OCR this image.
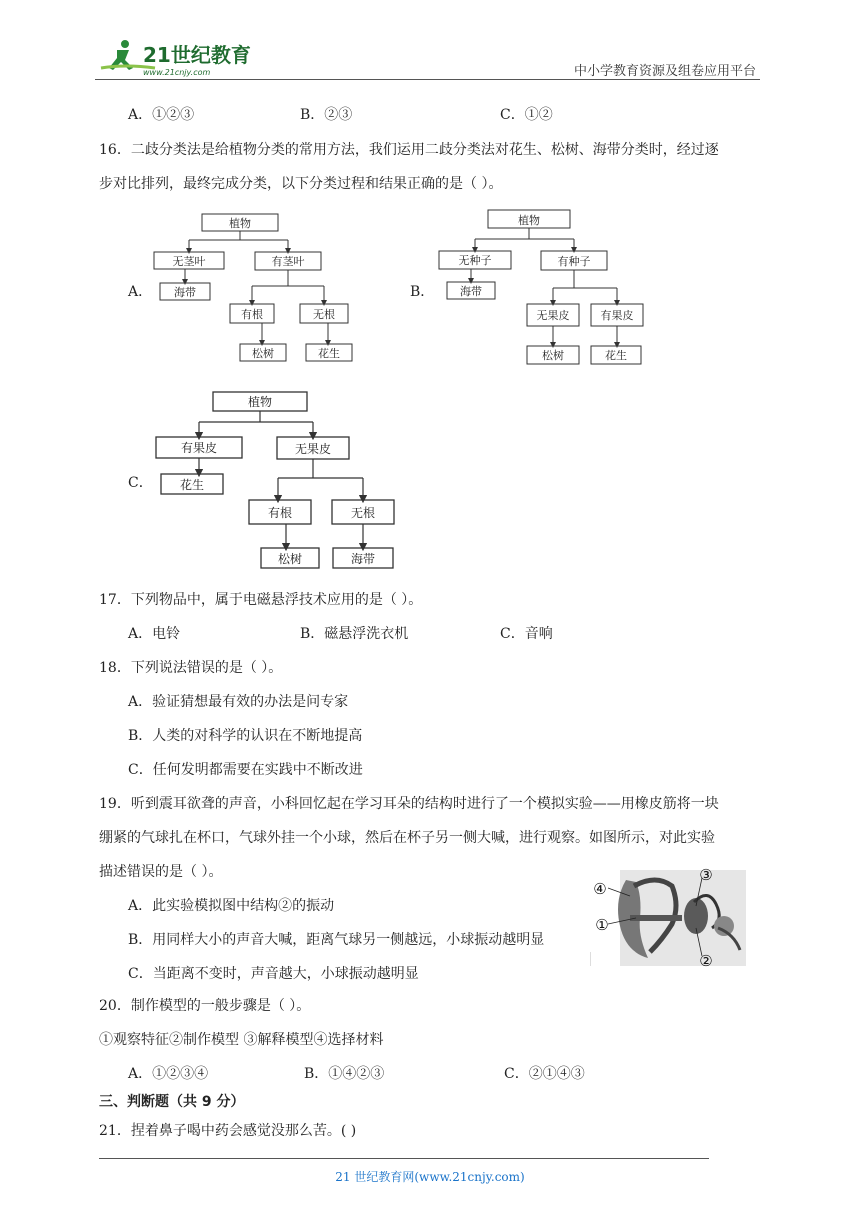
21世纪教育
www.21cnjy.com	中小学教育资源及组卷应用平台
A．①②③	B．②③	C．①②
16．二歧分类法是给植物分类的常用方法，我们运用二歧分类法对花生、松树、海带分类时，经过逐
步对比排列，最终完成分类，以下分类过程和结果正确的是（ ）。
A．	B．
C．
植物
无茎叶	有茎叶
海带
有根	无根
松树	花生
植物
无种子	有种子
海带
无果皮	有果皮
松树	花生
植物
有果皮	无果皮
花生
有根	无根
松树	海带
17．下列物品中，属于电磁悬浮技术应用的是（ ）。
A．电铃	B．磁悬浮洗衣机	C．音响
18．下列说法错误的是（ ）。
A．验证猜想最有效的办法是问专家
B．人类的对科学的认识在不断地提高
C．任何发明都需要在实践中不断改进
19．听到震耳欲聋的声音，小科回忆起在学习耳朵的结构时进行了一个模拟实验——用橡皮筋将一块
绷紧的气球扎在杯口，气球外挂一个小球，然后在杯子另一侧大喊，进行观察。如图所示，对此实验
描述错误的是（ ）。
A．此实验模拟图中结构②的振动
B．用同样大小的声音大喊，距离气球另一侧越远，小球振动越明显
C．当距离不变时，声音越大，小球振动越明显
④
①
③
②
20．制作模型的一般步骤是（ ）。
①观察特征②制作模型 ③解释模型④选择材料
A．①②③④	B．①④②③	C．②①④③
三、判断题（共 9 分）
21．捏着鼻子喝中药会感觉没那么苦。( )
21 世纪教育网(www.21cnjy.com)
